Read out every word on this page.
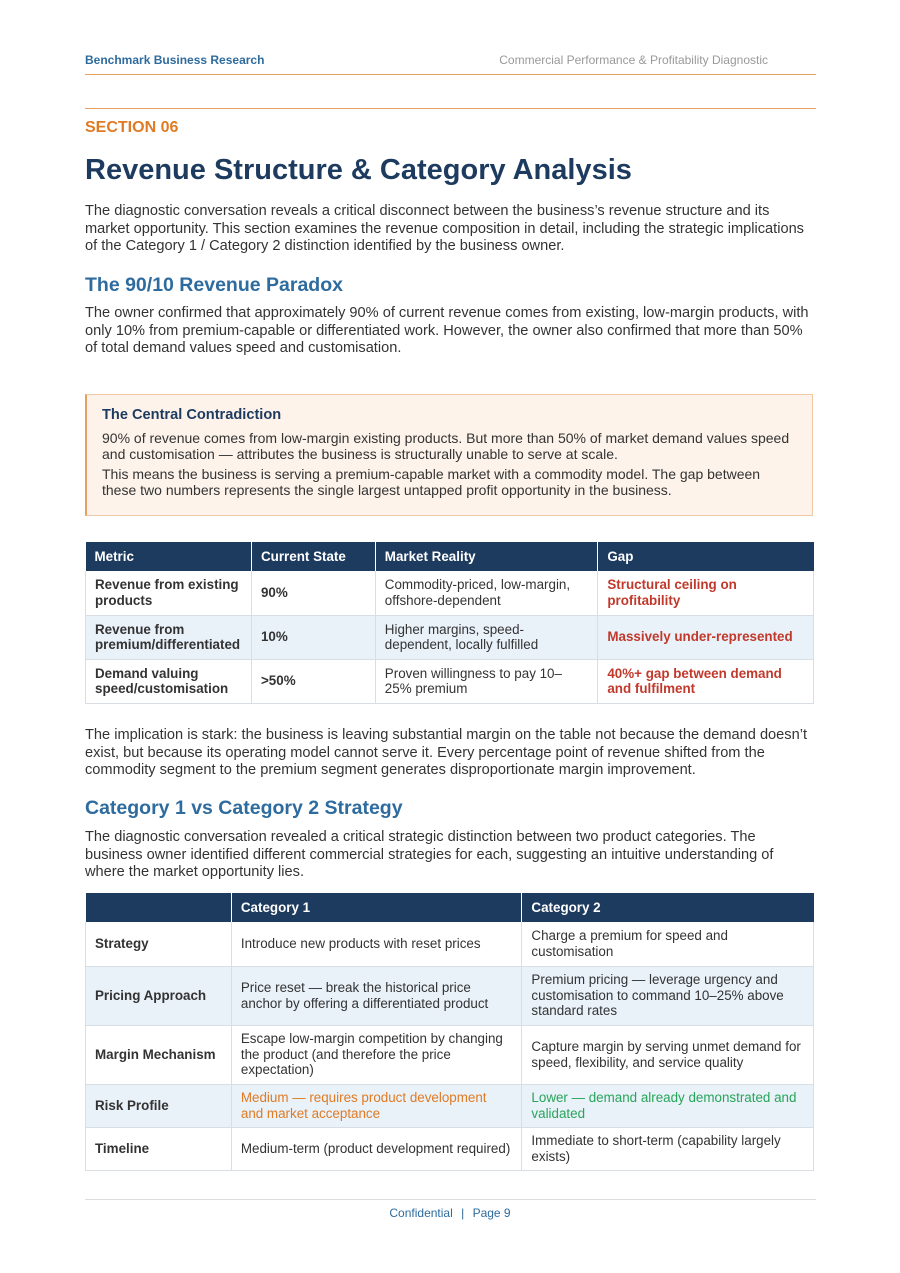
Benchmark Business Research	Commercial Performance & Profitability Diagnostic
SECTION 06
Revenue Structure & Category Analysis

The diagnostic conversation reveals a critical disconnect between the business’s revenue structure and its market opportunity. This section examines the revenue composition in detail, including the strategic implications of the Category 1 / Category 2 distinction identified by the business owner.

The 90/10 Revenue Paradox

The owner confirmed that approximately 90% of current revenue comes from existing, low-margin products, with only 10% from premium-capable or differentiated work. However, the owner also confirmed that more than 50% of total demand values speed and customisation.

The Central Contradiction

90% of revenue comes from low-margin existing products. But more than 50% of market demand values speed and customisation — attributes the business is structurally unable to serve at scale.

This means the business is serving a premium-capable market with a commodity model. The gap between these two numbers represents the single largest untapped profit opportunity in the business.

Metric	Current State	Market Reality	Gap
Revenue from existing products	90%	Commodity-priced, low-margin, offshore-dependent	Structural ceiling on profitability
Revenue from premium/differentiated	10%	Higher margins, speed-dependent, locally fulfilled	Massively under-represented
Demand valuing speed/customisation	>50%	Proven willingness to pay 10–25% premium	40%+ gap between demand and fulfilment

The implication is stark: the business is leaving substantial margin on the table not because the demand doesn’t exist, but because its operating model cannot serve it. Every percentage point of revenue shifted from the commodity segment to the premium segment generates disproportionate margin improvement.

Category 1 vs Category 2 Strategy

The diagnostic conversation revealed a critical strategic distinction between two product categories. The business owner identified different commercial strategies for each, suggesting an intuitive understanding of where the market opportunity lies.

	Category 1	Category 2
Strategy	Introduce new products with reset prices	Charge a premium for speed and customisation
Pricing Approach	Price reset — break the historical price anchor by offering a differentiated product	Premium pricing — leverage urgency and customisation to command 10–25% above standard rates
Margin Mechanism	Escape low-margin competition by changing the product (and therefore the price expectation)	Capture margin by serving unmet demand for speed, flexibility, and service quality
Risk Profile	Medium — requires product development and market acceptance	Lower — demand already demonstrated and validated
Timeline	Medium-term (product development required)	Immediate to short-term (capability largely exists)
Confidential | Page 9
